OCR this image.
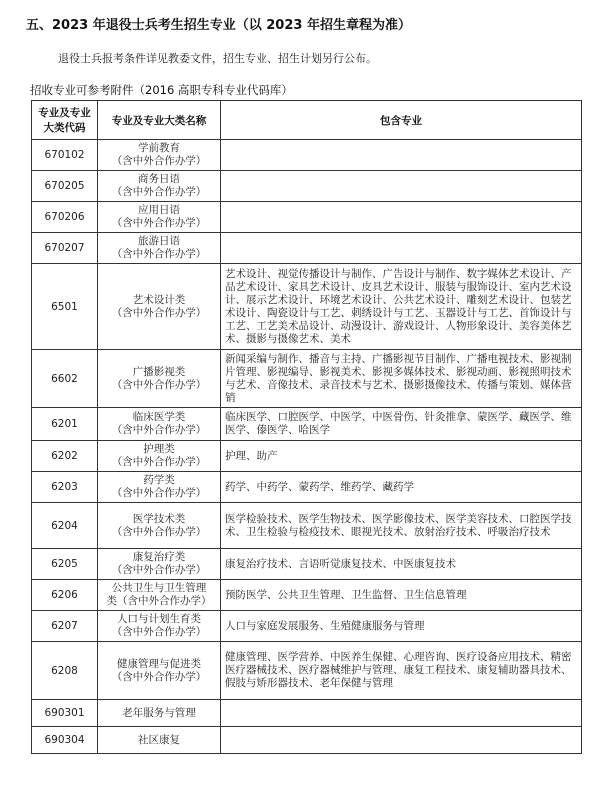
五、2023 年退役士兵考生招生专业（以 2023 年招生章程为准）

退役士兵报考条件详见教委文件，招生专业、招生计划另行公布。

招收专业可参考附件（2016 高职专科专业代码库）

专业及专业
大类代码	专业及专业大类名称	包含专业
670102	学前教育
（含中外合作办学）	
670205	商务日语
（含中外合作办学）	
670206	应用日语
（含中外合作办学）	
670207	旅游日语
（含中外合作办学）	
6501	艺术设计类
（含中外合作办学）	艺术设计、视觉传播设计与制作、广告设计与制作、数字媒体艺术设计、产品艺术设计、家具艺术设计、皮具艺术设计、服装与服饰设计、室内艺术设计、展示艺术设计、环境艺术设计、公共艺术设计、雕刻艺术设计、包装艺术设计、陶瓷设计与工艺、刺绣设计与工艺、玉器设计与工艺、首饰设计与工艺、工艺美术品设计、动漫设计、游戏设计、人物形象设计、美容美体艺术、摄影与摄像艺术、美术
6602	广播影视类
（含中外合作办学）	新闻采编与制作、播音与主持、广播影视节目制作、广播电视技术、影视制片管理、影视编导、影视美术、影视多媒体技术、影视动画、影视照明技术与艺术、音像技术、录音技术与艺术、摄影摄像技术、传播与策划、媒体营销
6201	临床医学类
（含中外合作办学）	临床医学、口腔医学、中医学、中医骨伤、针灸推拿、蒙医学、藏医学、维医学、傣医学、哈医学
6202	护理类
（含中外合作办学）	护理、助产
6203	药学类
（含中外合作办学）	药学、中药学、蒙药学、维药学、藏药学
6204	医学技术类
（含中外合作办学）	医学检验技术、医学生物技术、医学影像技术、医学美容技术、口腔医学技术、卫生检验与检疫技术、眼视光技术、放射治疗技术、呼吸治疗技术
6205	康复治疗类
（含中外合作办学）	康复治疗技术、言语听觉康复技术、中医康复技术
6206	公共卫生与卫生管理
类（含中外合作办学）	预防医学、公共卫生管理、卫生监督、卫生信息管理
6207	人口与计划生育类
（含中外合作办学）	人口与家庭发展服务、生殖健康服务与管理
6208	健康管理与促进类
（含中外合作办学）	健康管理、医学营养、中医养生保健、心理咨询、医疗设备应用技术、精密医疗器械技术、医疗器械维护与管理、康复工程技术、康复辅助器具技术、假肢与矫形器技术、老年保健与管理
690301	老年服务与管理	
690304	社区康复	
